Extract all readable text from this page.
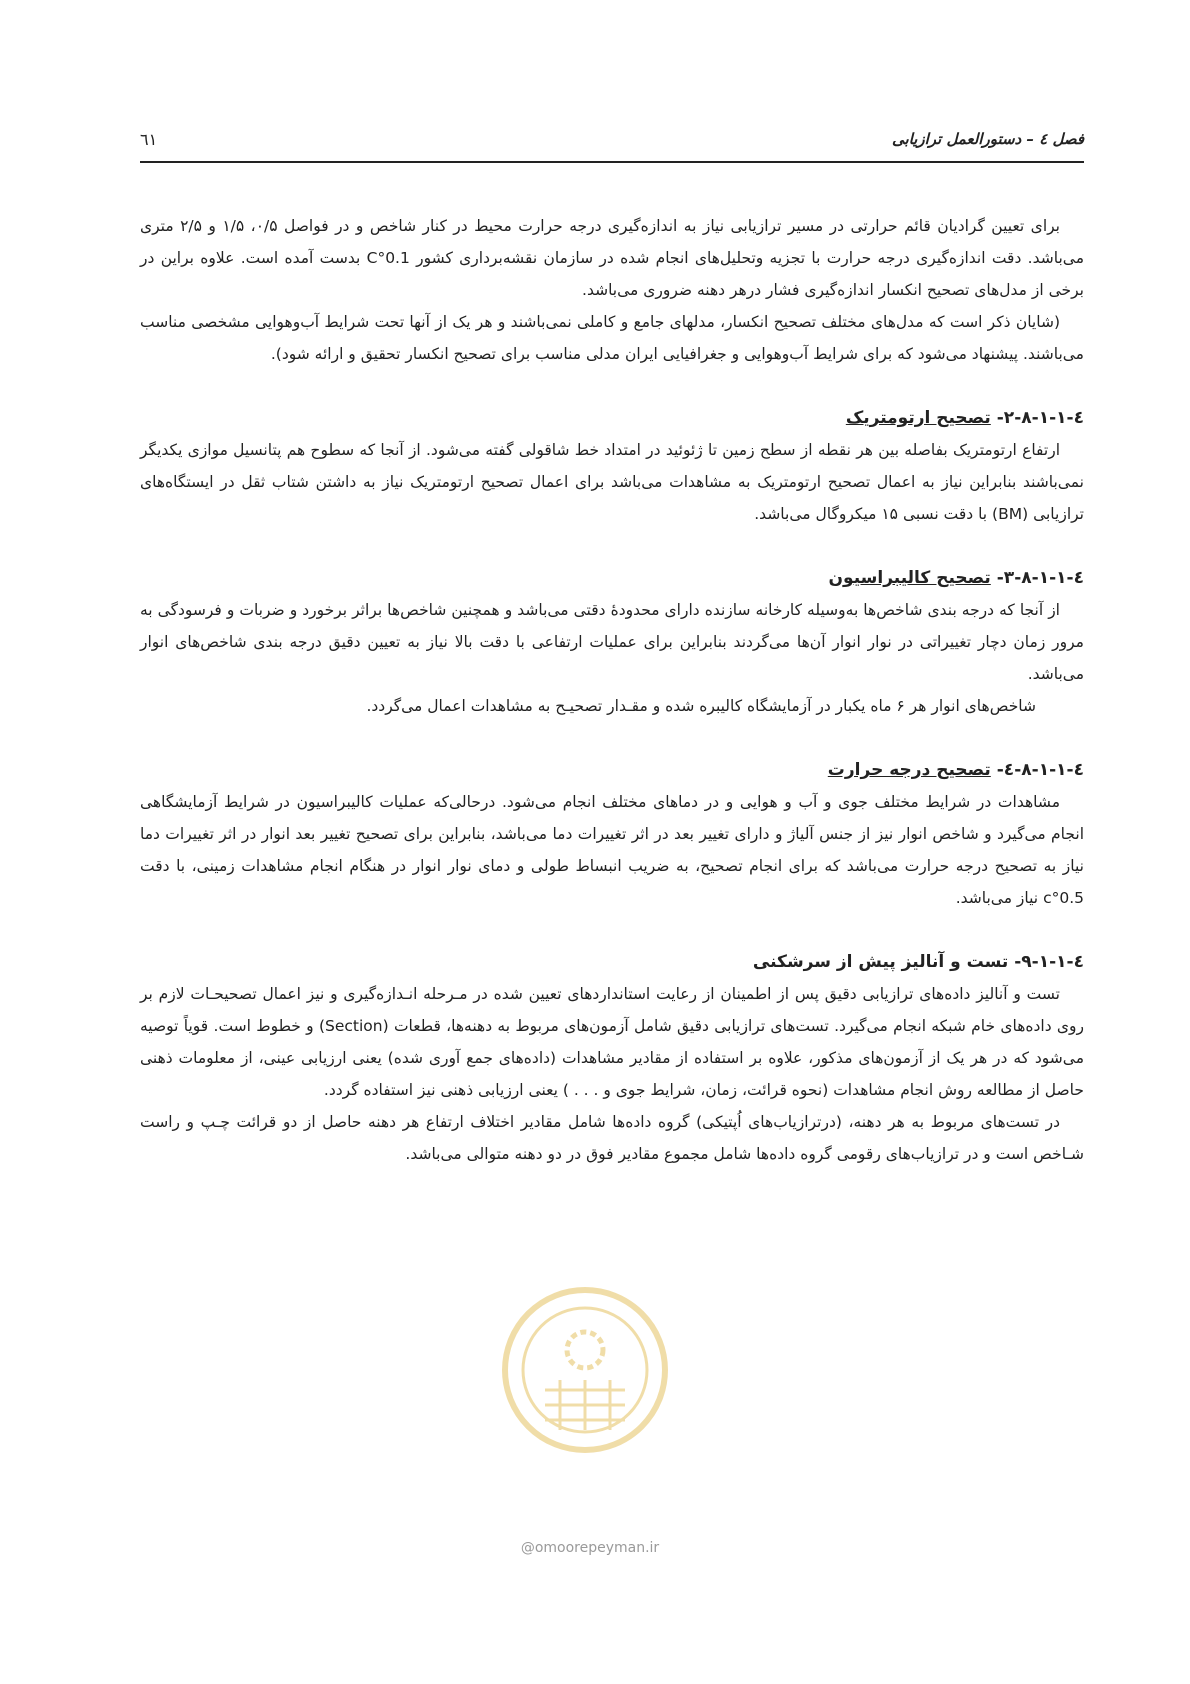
فصل ٤ – دستورالعمل ترازیابی
٦١

برای تعیین گرادیان قائم حرارتی در مسیر ترازیابی نیاز به اندازه‌گیری درجه حرارت محیط در کنار شاخص و در فواصل ۰/۵، ۱/۵ و ۲/۵ متری می‌باشد. دقت اندازه‌گیری درجه حرارت با تجزیه وتحلیل‌های انجام شده در سازمان نقشه‌برداری کشور 0.1°C بدست آمده است. علاوه براین در برخی از مدل‌های تصحیح انکسار اندازه‌گیری فشار درهر دهنه ضروری می‌باشد.

(شایان ذکر است که مدل‌های مختلف تصحیح انکسار، مدلهای جامع و کاملی نمی‌باشند و هر یک از آنها تحت شرایط آب‌وهوایی مشخصی مناسب می‌باشند. پیشنهاد می‌شود که برای شرایط آب‌وهوایی و جغرافیایی ایران مدلی مناسب برای تصحیح انکسار تحقیق و ارائه شود).

٤-١-١-٨-٢- تصحیح ارتومتریک

ارتفاع ارتومتریک بفاصله بین هر نقطه از سطح زمین تا ژئوئید در امتداد خط شاقولی گفته می‌شود. از آنجا که سطوح هم پتانسیل موازی یکدیگر نمی‌باشند بنابراین نیاز به اعمال تصحیح ارتومتریک به مشاهدات می‌باشد برای اعمال تصحیح ارتومتریک نیاز به داشتن شتاب ثقل در ایستگاه‌های ترازیابی (BM) با دقت نسبی ۱۵ میکروگال می‌باشد.

٤-١-١-٨-٣- تصحیح کالیبراسیون

از آنجا که درجه بندی شاخص‌ها به‌وسیله کارخانه سازنده دارای محدودهٔ دقتی می‌باشد و همچنین شاخص‌ها براثر برخورد و ضربات و فرسودگی به مرور زمان دچار تغییراتی در نوار انوار آن‌ها می‌گردند بنابراین برای عملیات ارتفاعی با دقت بالا نیاز به تعیین دقیق درجه بندی شاخص‌های انوار می‌باشد.

شاخص‌های انوار هر ۶ ماه یکبار در آزمایشگاه کالیبره شده و مقـدار تصحیـح به مشاهدات اعمال می‌گردد.

٤-١-١-٨-٤- تصحیح درجه حرارت

مشاهدات در شرایط مختلف جوی و آب و هوایی و در دماهای مختلف انجام می‌شود. درحالی‌که عملیات کالیبراسیون در شرایط آزمایشگاهی انجام می‌گیرد و شاخص انوار نیز از جنس آلیاژ و دارای تغییر بعد در اثر تغییرات دما می‌باشد، بنابراین برای تصحیح تغییر بعد انوار در اثر تغییرات دما نیاز به تصحیح درجه حرارت می‌باشد که برای انجام تصحیح، به ضریب انبساط طولی و دمای نوار انوار در هنگام انجام مشاهدات زمینی، با دقت 0.5°c نیاز می‌باشد.

٤-١-١-٩- تست و آنالیز پیش از سرشکنی

تست و آنالیز داده‌های ترازیابی دقیق پس از اطمینان از رعایت استانداردهای تعیین شده در مـرحله انـدازه‌گیری و نیز اعمال تصحیحـات لازم بر روی داده‌های خام شبکه انجام می‌گیرد. تست‌های ترازیابی دقیق شامل آزمون‌های مربوط به دهنه‌ها، قطعات (Section) و خطوط است. قویاً توصیه می‌شود که در هر یک از آزمون‌های مذکور، علاوه بر استفاده از مقادیر مشاهدات (داده‌های جمع آوری شده) یعنی ارزیابی عینی، از معلومات ذهنی حاصل از مطالعه روش انجام مشاهدات (نحوه قرائت، زمان، شرایط جوی و . . . ) یعنی ارزیابی ذهنی نیز استفاده گردد.

در تست‌های مربوط به هر دهنه، (درترازیاب‌های اُپتیکی) گروه داده‌ها شامل مقادیر اختلاف ارتفاع هر دهنه حاصل از دو قرائت چـپ و راست شـاخص است و در ترازیاب‌های رقومی گروه داده‌ها شامل مجموع مقادیر فوق در دو دهنه متوالی می‌باشد.

@omoorepeyman.ir
